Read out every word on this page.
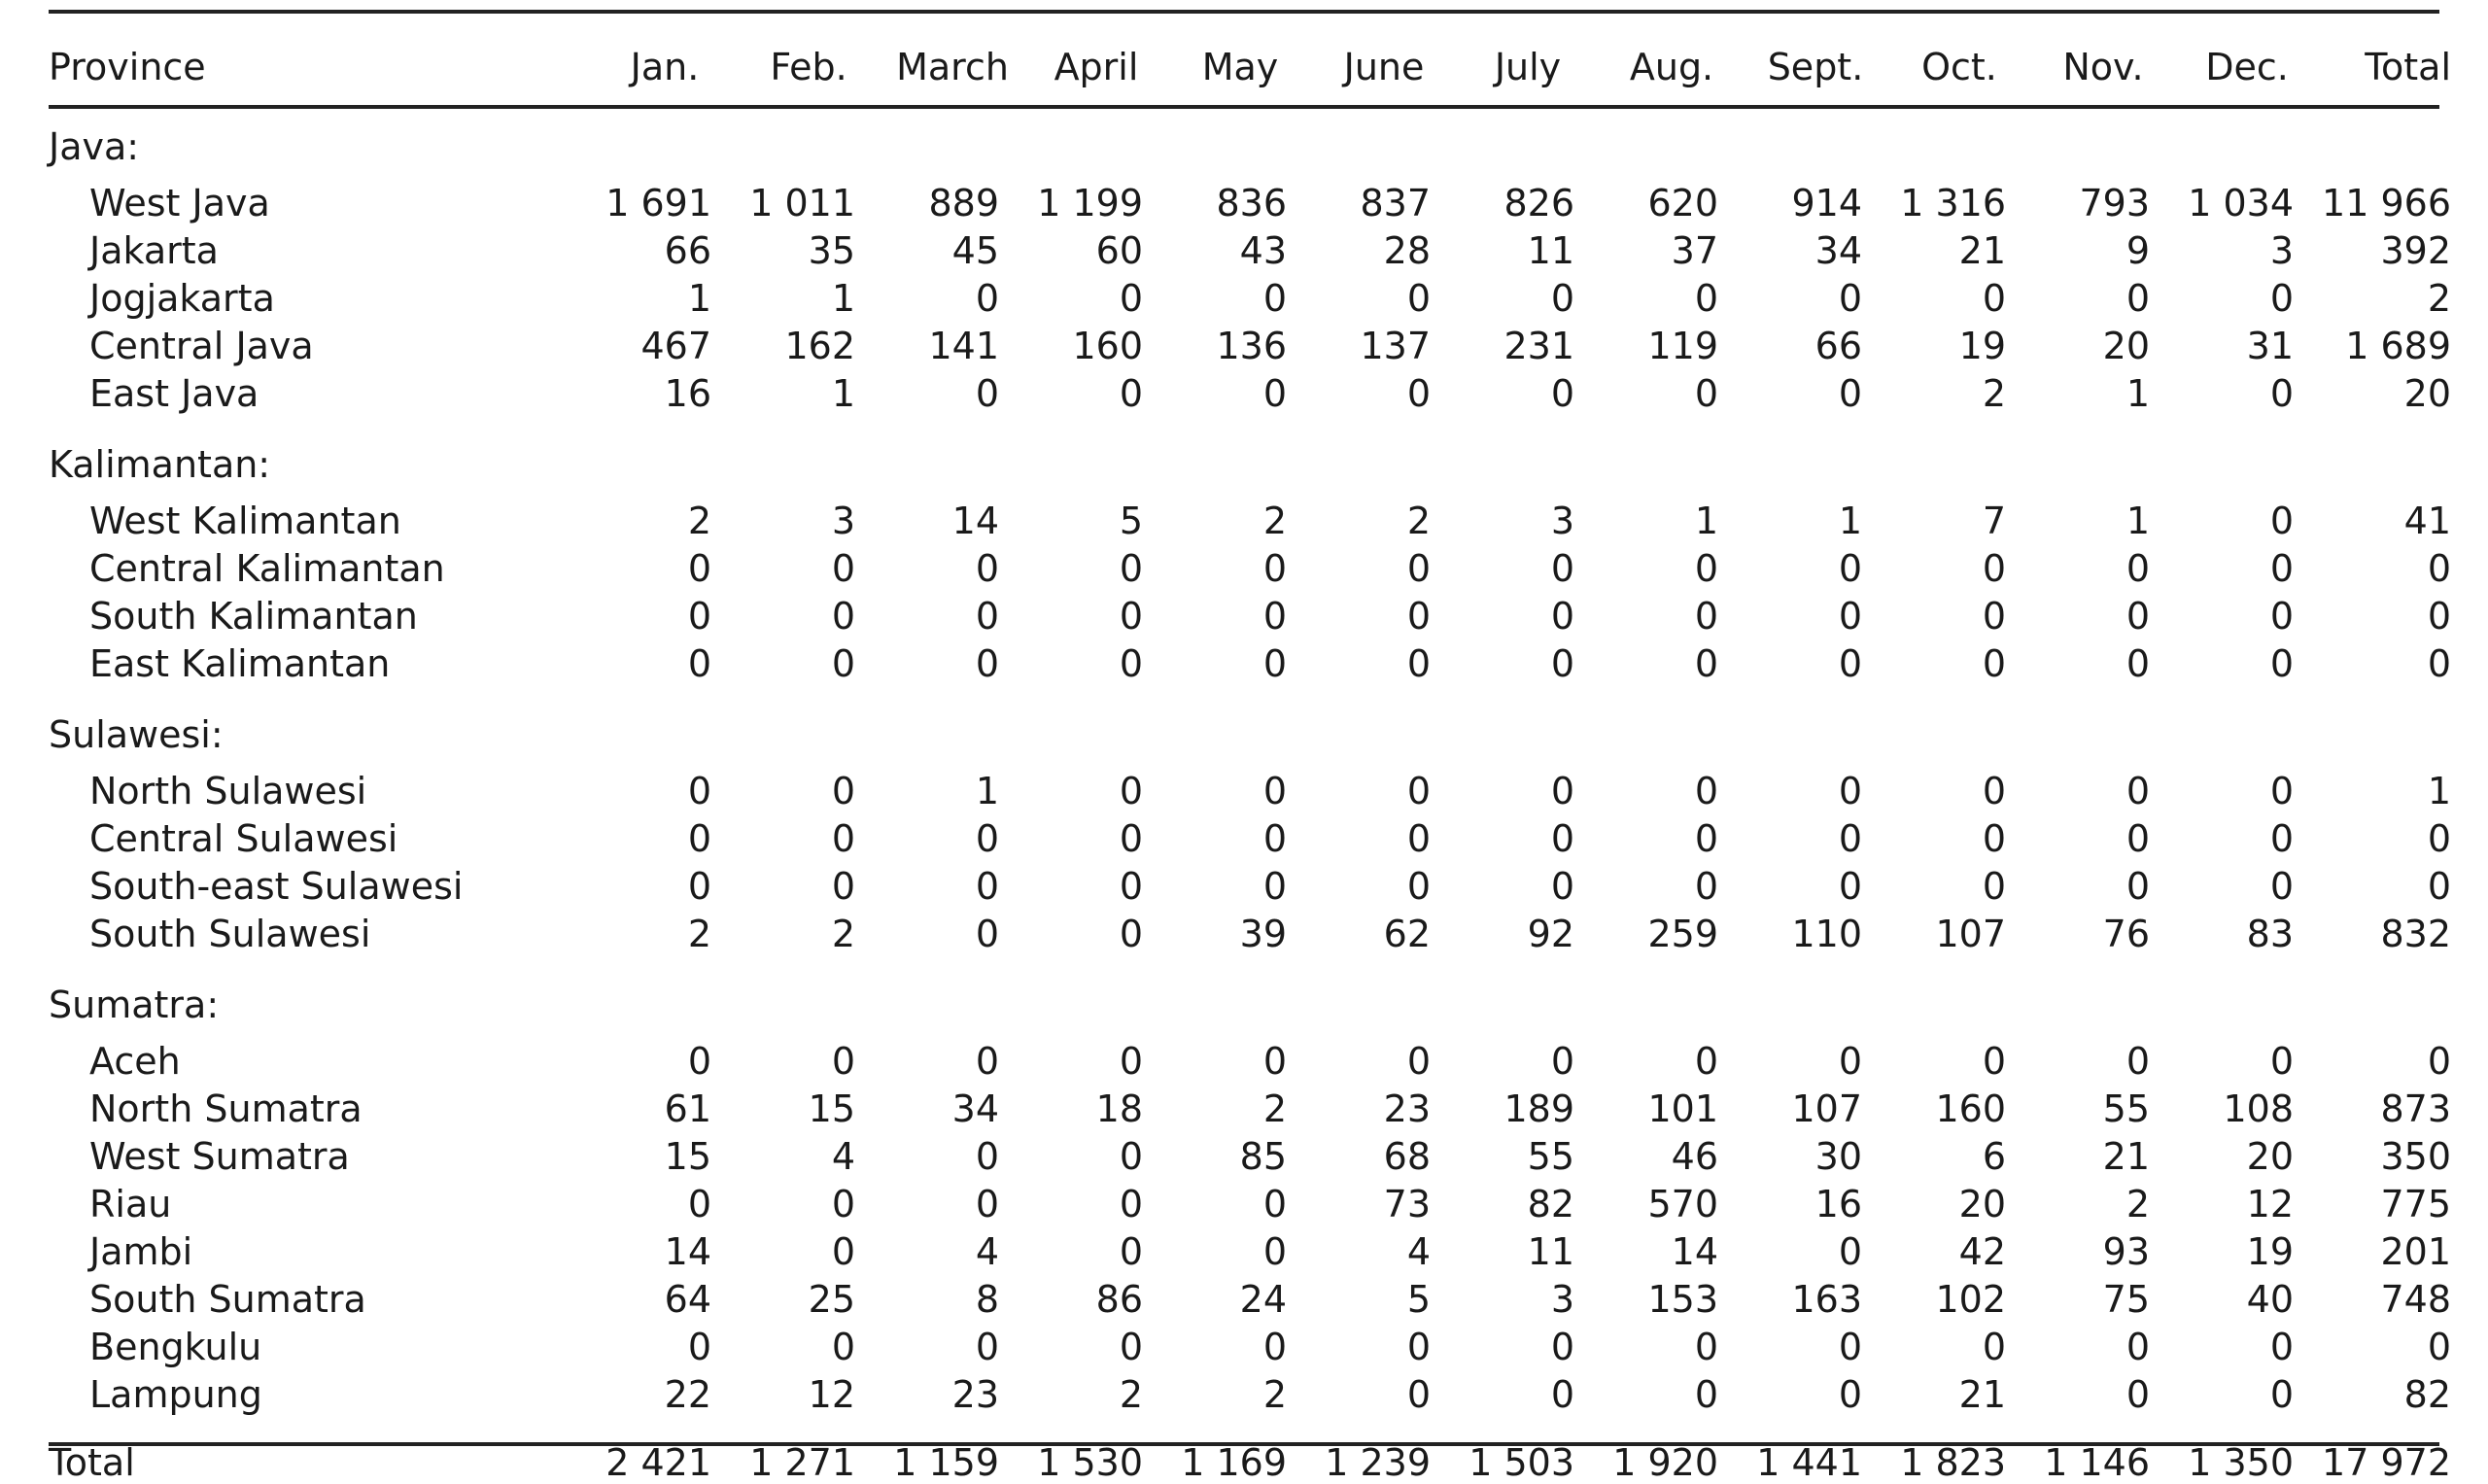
Province	Jan.	Feb.	March	April	May	June	July	Aug.	Sept.	Oct.	Nov.	Dec.	Total
Java:													
West Java	1 691	1 011	889	1 199	836	837	826	620	914	1 316	793	1 034	11 966
Jakarta	66	35	45	60	43	28	11	37	34	21	9	3	392
Jogjakarta	1	1	0	0	0	0	0	0	0	0	0	0	2
Central Java	467	162	141	160	136	137	231	119	66	19	20	31	1 689
East Java	16	1	0	0	0	0	0	0	0	2	1	0	20

Kalimantan:													
West Kalimantan	2	3	14	5	2	2	3	1	1	7	1	0	41
Central Kalimantan	0	0	0	0	0	0	0	0	0	0	0	0	0
South Kalimantan	0	0	0	0	0	0	0	0	0	0	0	0	0
East Kalimantan	0	0	0	0	0	0	0	0	0	0	0	0	0

Sulawesi:													
North Sulawesi	0	0	1	0	0	0	0	0	0	0	0	0	1
Central Sulawesi	0	0	0	0	0	0	0	0	0	0	0	0	0
South-east Sulawesi	0	0	0	0	0	0	0	0	0	0	0	0	0
South Sulawesi	2	2	0	0	39	62	92	259	110	107	76	83	832

Sumatra:													
Aceh	0	0	0	0	0	0	0	0	0	0	0	0	0
North Sumatra	61	15	34	18	2	23	189	101	107	160	55	108	873
West Sumatra	15	4	0	0	85	68	55	46	30	6	21	20	350
Riau	0	0	0	0	0	73	82	570	16	20	2	12	775
Jambi	14	0	4	0	0	4	11	14	0	42	93	19	201
South Sumatra	64	25	8	86	24	5	3	153	163	102	75	40	748
Bengkulu	0	0	0	0	0	0	0	0	0	0	0	0	0
Lampung	22	12	23	2	2	0	0	0	0	21	0	0	82
Total	2 421	1 271	1 159	1 530	1 169	1 239	1 503	1 920	1 441	1 823	1 146	1 350	17 972
